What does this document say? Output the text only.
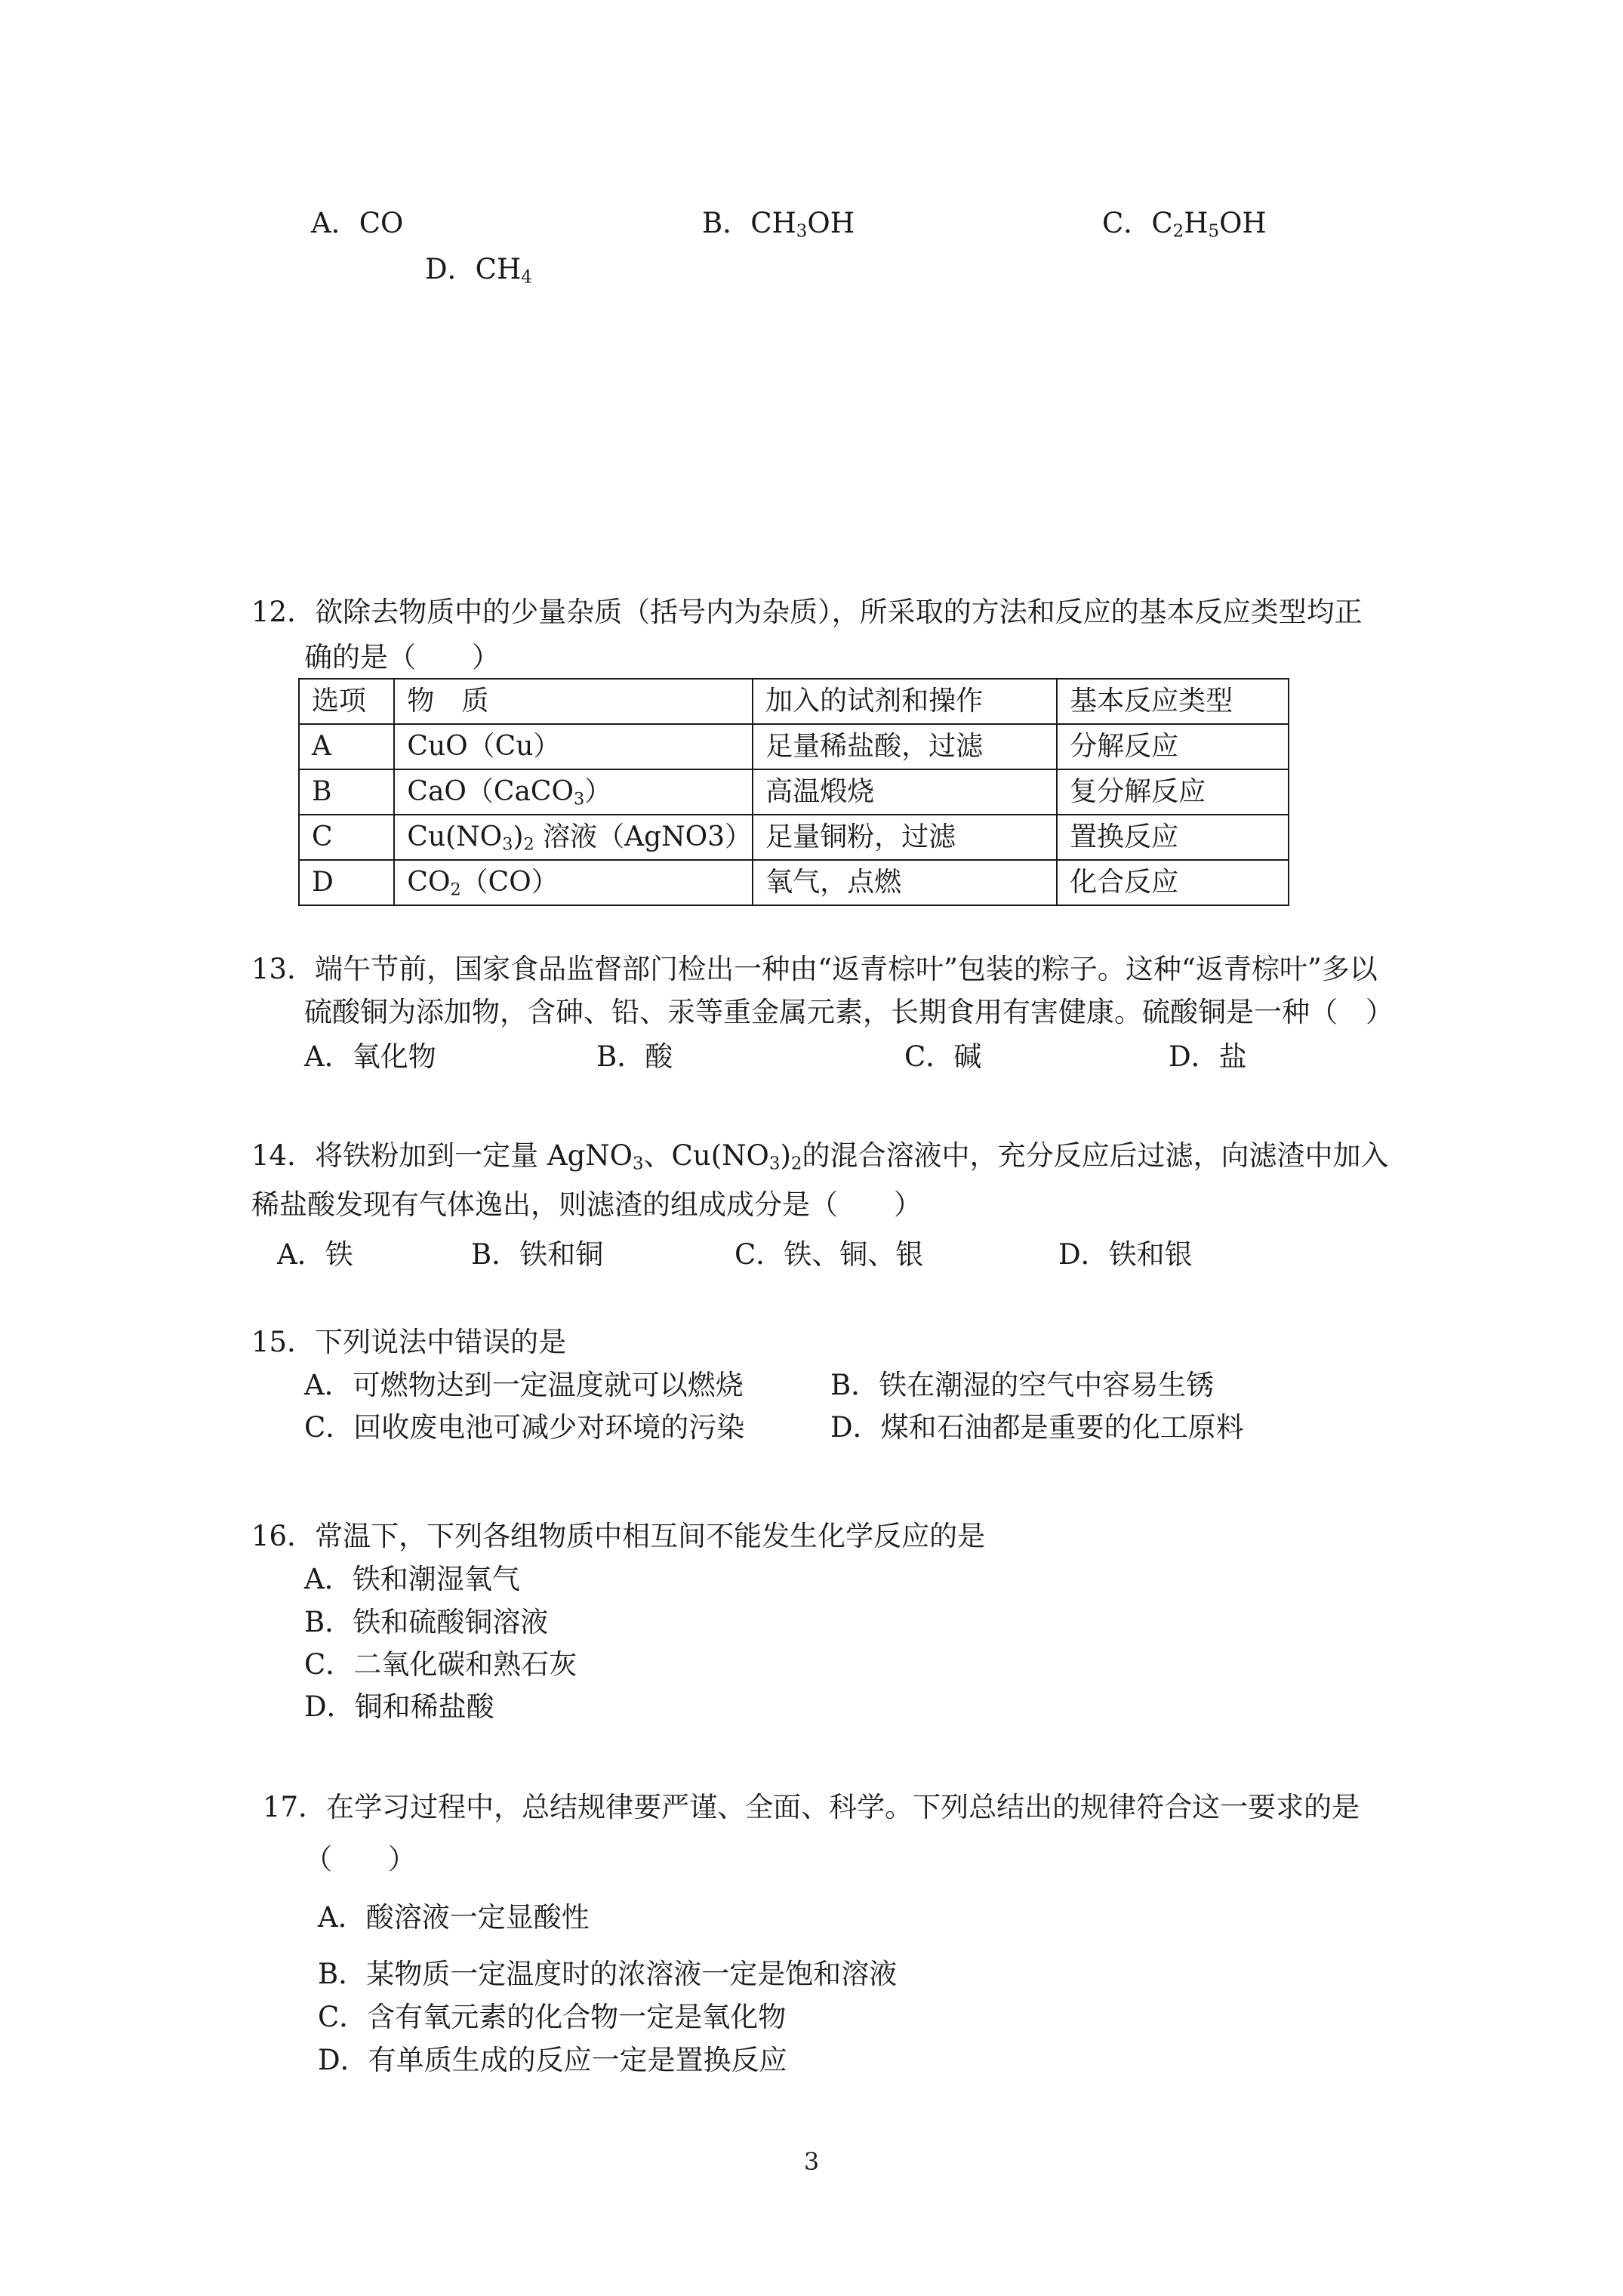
A．CO	B．$CH_3OH$	C．$C_2H_5OH$
D．$CH_4$
12．欲除去物质中的少量杂质（括号内为杂质），所采取的方法和反应的基本反应类型均正
确的是（　　）
选项	物　质	加入的试剂和操作	基本反应类型
A	CuO（Cu）	足量稀盐酸，过滤	分解反应
B	CaO（CaCO$_3$）	高温煅烧	复分解反应
C	$Cu(NO_3)_2$ 溶液（AgNO3）	足量铜粉，过滤	置换反应
D	$CO_2(CO)$	氧气，点燃	化合反应
13．端午节前，国家食品监督部门检出一种由“返青棕叶”包装的粽子。这种“返青棕叶”多以
硫酸铜为添加物，含砷、铅、汞等重金属元素，长期食用有害健康。硫酸铜是一种（　）
A．氧化物	B．酸	C．碱	D．盐
14．将铁粉加到一定量 AgNO$_3$、$Cu(NO_3)_2$的混合溶液中，充分反应后过滤，向滤渣中加入
稀盐酸发现有气体逸出，则滤渣的组成成分是（　　）
A．铁	B．铁和铜	C．铁、铜、银	D．铁和银
15．下列说法中错误的是
A．可燃物达到一定温度就可以燃烧	B．铁在潮湿的空气中容易生锈
C．回收废电池可减少对环境的污染	D．煤和石油都是重要的化工原料
16．常温下，下列各组物质中相互间不能发生化学反应的是
A．铁和潮湿氧气
B．铁和硫酸铜溶液
C．二氧化碳和熟石灰
D．铜和稀盐酸
17．在学习过程中，总结规律要严谨、全面、科学。下列总结出的规律符合这一要求的是
（　　）
A．酸溶液一定显酸性
B．某物质一定温度时的浓溶液一定是饱和溶液
C．含有氧元素的化合物一定是氧化物
D．有单质生成的反应一定是置换反应
3
